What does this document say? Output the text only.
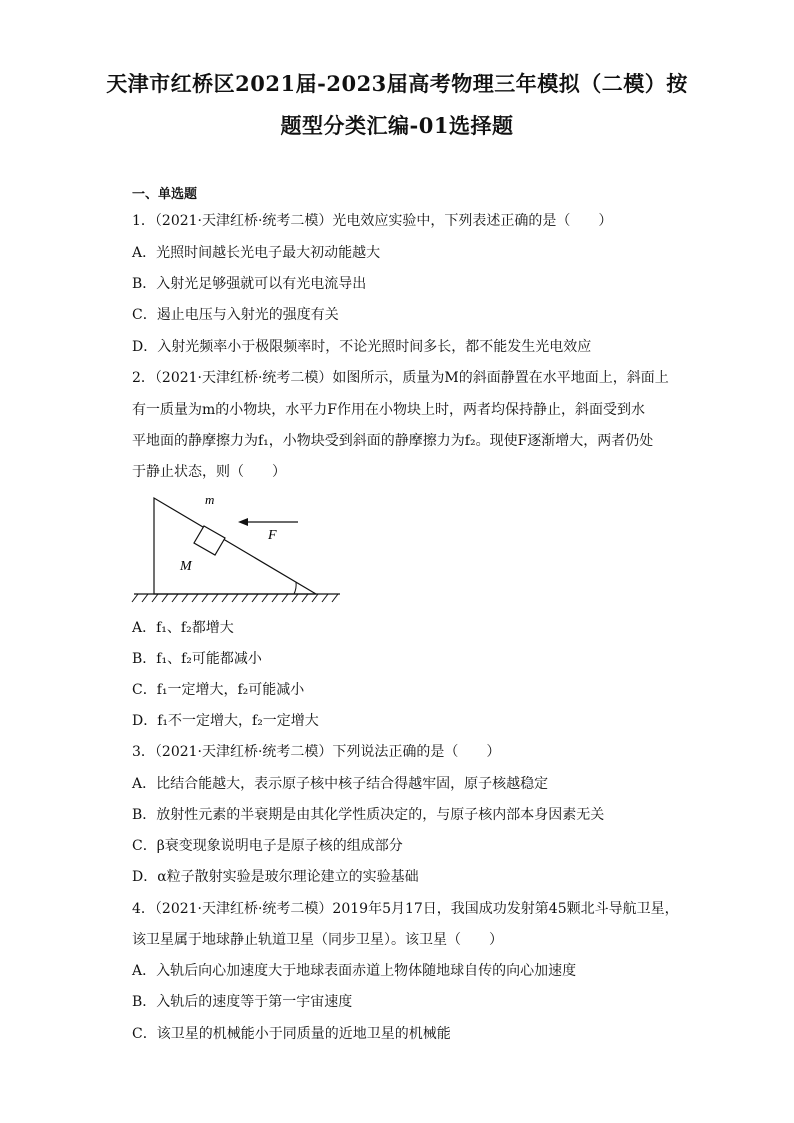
天津市红桥区2021届-2023届高考物理三年模拟（二模）按
题型分类汇编-01选择题
一、单选题
1．（2021·天津红桥·统考二模）光电效应实验中，下列表述正确的是（　　）
A．光照时间越长光电子最大初动能越大
B．入射光足够强就可以有光电流导出
C．遏止电压与入射光的强度有关
D．入射光频率小于极限频率时，不论光照时间多长，都不能发生光电效应
2．（2021·天津红桥·统考二模）如图所示，质量为M的斜面静置在水平地面上，斜面上
有一质量为m的小物块，水平力F作用在小物块上时，两者均保持静止，斜面受到水
平地面的静摩擦力为f₁，小物块受到斜面的静摩擦力为f₂。现使F逐渐增大，两者仍处
于静止状态，则（　　）
m
F
M
A．f₁、f₂都增大
B．f₁、f₂可能都减小
C．f₁一定增大，f₂可能减小
D．f₁不一定增大，f₂一定增大
3．（2021·天津红桥·统考二模）下列说法正确的是（　　）
A．比结合能越大，表示原子核中核子结合得越牢固，原子核越稳定
B．放射性元素的半衰期是由其化学性质决定的，与原子核内部本身因素无关
C．β衰变现象说明电子是原子核的组成部分
D．α粒子散射实验是玻尔理论建立的实验基础
4．（2021·天津红桥·统考二模）2019年5月17日，我国成功发射第45颗北斗导航卫星，
该卫星属于地球静止轨道卫星（同步卫星）。该卫星（　　）
A．入轨后向心加速度大于地球表面赤道上物体随地球自传的向心加速度
B．入轨后的速度等于第一宇宙速度
C．该卫星的机械能小于同质量的近地卫星的机械能
